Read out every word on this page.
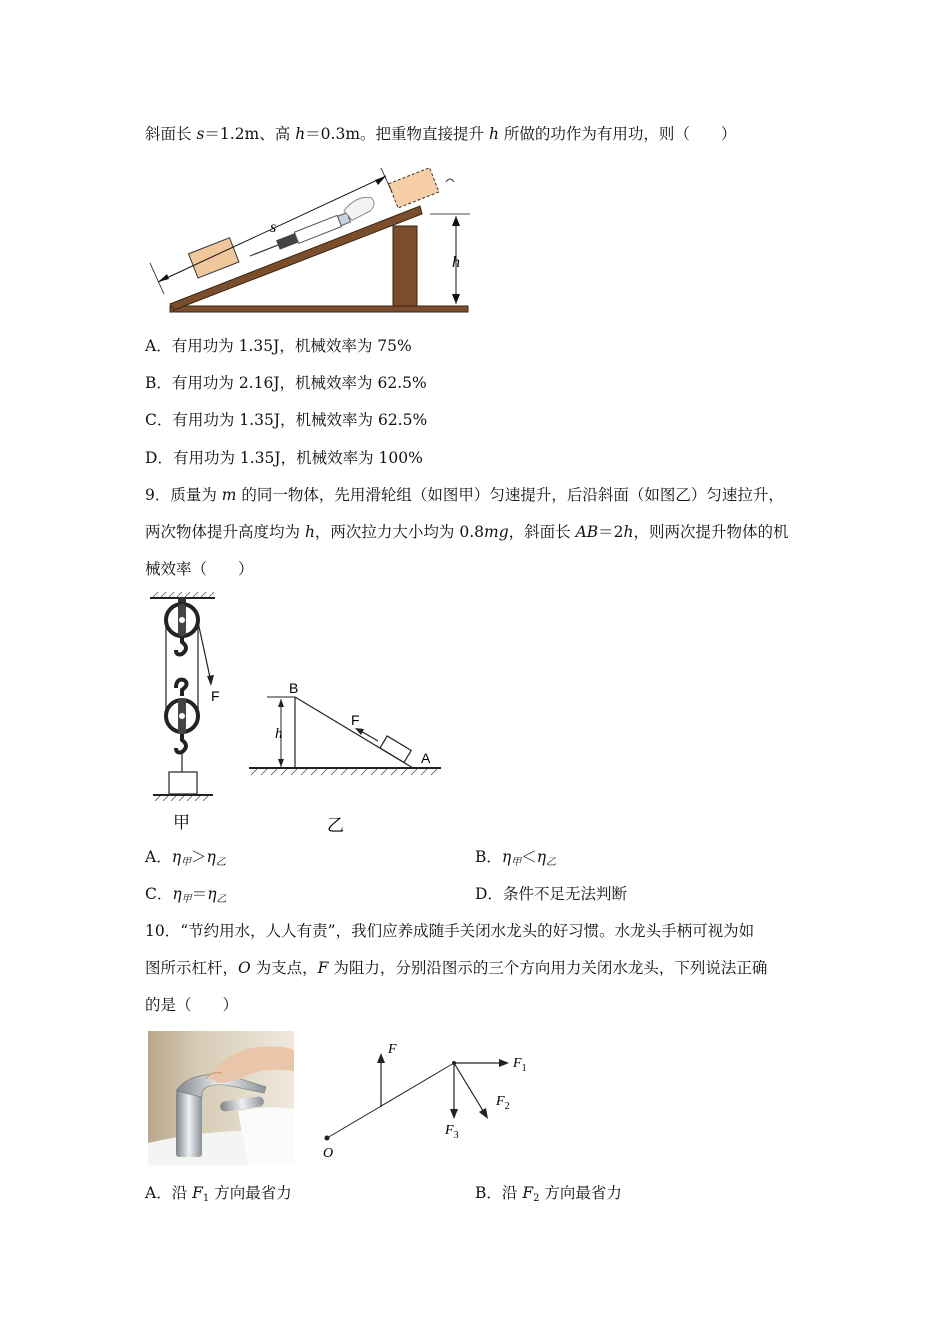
斜面长 s＝1.2m、高 h＝0.3m。把重物直接提升 h 所做的功作为有用功，则（　　）
s
h
A．有用功为 1.35J，机械效率为 75%
B．有用功为 2.16J，机械效率为 62.5%
C．有用功为 1.35J，机械效率为 62.5%
D．有用功为 1.35J，机械效率为 100%
9．质量为 m 的同一物体，先用滑轮组（如图甲）匀速提升，后沿斜面（如图乙）匀速拉升，
两次物体提升高度均为 h，两次拉力大小均为 0.8mg，斜面长 AB＝2h，则两次提升物体的机
械效率（　　）
F
甲
B
h
F
A
乙
A．$\eta_甲>\eta_乙$	B．$\eta_甲<\eta_乙$
C．$\eta_甲=\eta_乙$	D．条件不足无法判断
10．“节约用水，人人有责”，我们应养成随手关闭水龙头的好习惯。水龙头手柄可视为如
图所示杠杆，O 为支点，F 为阻力，分别沿图示的三个方向用力关闭水龙头，下列说法正确
的是（　　）
O
F
$F_1$
$F_2$
$F_3$
A．沿 $F_1$ 方向最省力	B．沿 $F_2$ 方向最省力
